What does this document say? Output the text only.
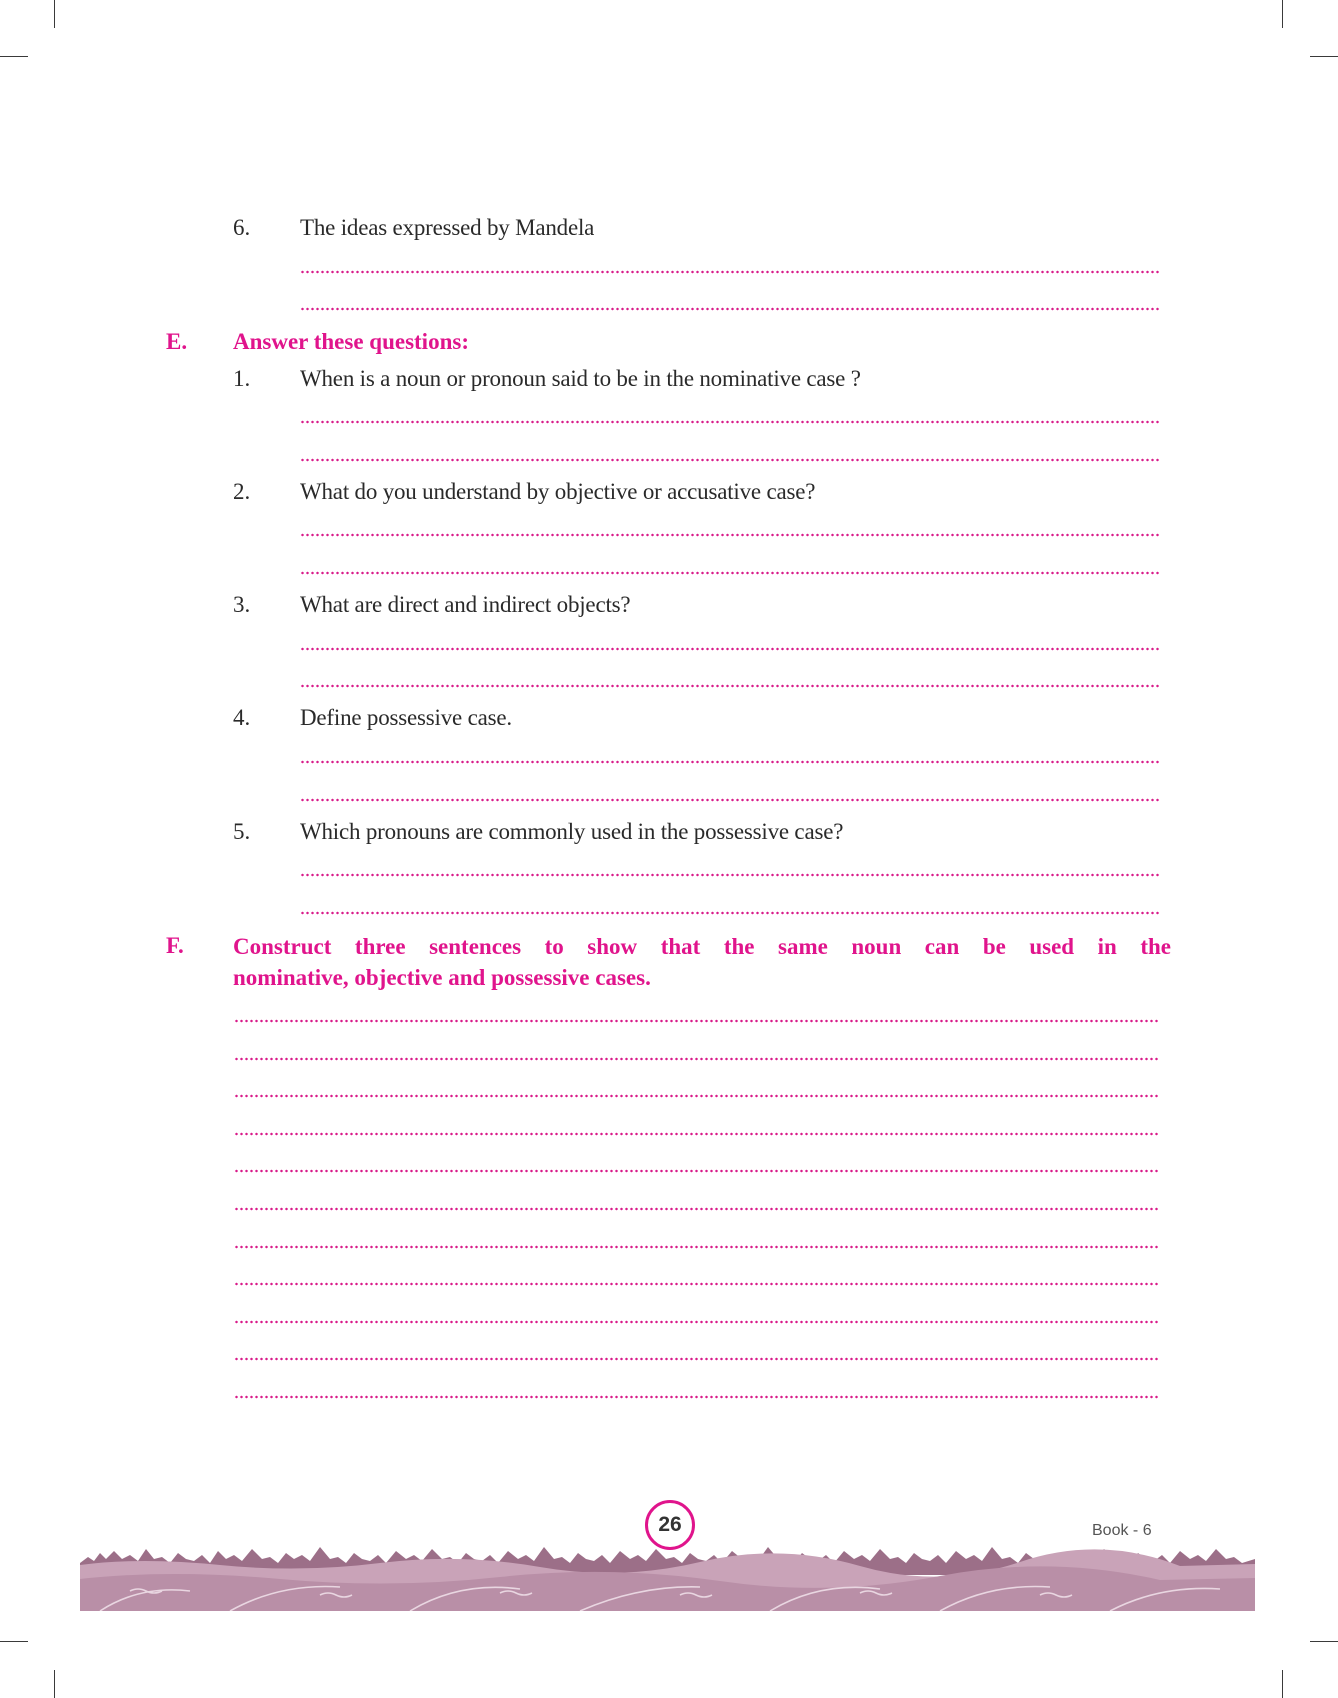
6. The ideas expressed by Mandela
E. Answer these questions:
1. When is a noun or pronoun said to be in the nominative case ?
2. What do you understand by objective or accusative case?
3. What are direct and indirect objects?
4. Define possessive case.
5. Which pronouns are commonly used in the possessive case?
F. Construct three sentences to show that the same noun can be used in the
nominative, objective and possessive cases.
26	Book - 6
